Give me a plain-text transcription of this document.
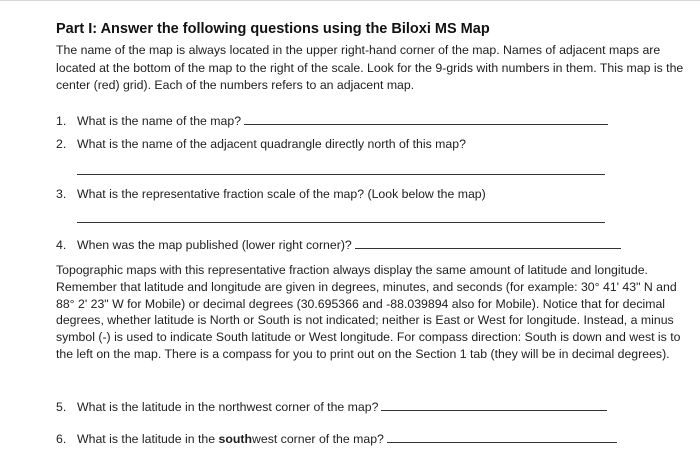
Part I: Answer the following questions using the Biloxi MS Map

The name of the map is always located in the upper right-hand corner of the map. Names of adjacent maps are located at the bottom of the map to the right of the scale. Look for the 9-grids with numbers in them. This map is the center (red) grid). Each of the numbers refers to an adjacent map.

1. What is the name of the map?
2. What is the name of the adjacent quadrangle directly north of this map?
3. What is the representative fraction scale of the map? (Look below the map)
4. When was the map published (lower right corner)?

Topographic maps with this representative fraction always display the same amount of latitude and longitude. Remember that latitude and longitude are given in degrees, minutes, and seconds (for example: 30° 41' 43" N and 88° 2' 23" W for Mobile) or decimal degrees (30.695366 and -88.039894 also for Mobile). Notice that for decimal degrees, whether latitude is North or South is not indicated; neither is East or West for longitude. Instead, a minus symbol (-) is used to indicate South latitude or West longitude. For compass direction: South is down and west is to the left on the map. There is a compass for you to print out on the Section 1 tab (they will be in decimal degrees).

5. What is the latitude in the northwest corner of the map?
6. What is the latitude in the southwest corner of the map?
